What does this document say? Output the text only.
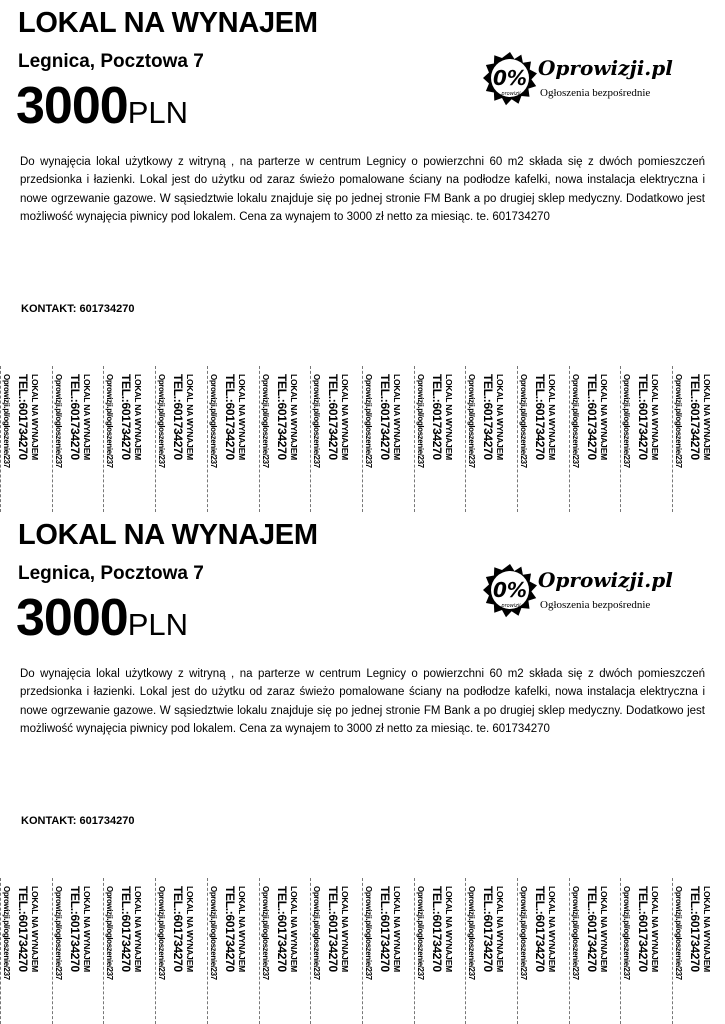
LOKAL NA WYNAJEM
Legnica, Pocztowa 7
3000PLN
0%
prowizji
Oprowizji.pl
Ogłoszenia bezpośrednie

Do wynajęcia lokal użytkowy z witryną , na parterze w centrum Legnicy o powierzchni 60 m2 składa się z dwóch pomieszczeń przedsionka i łazienki. Lokal jest do użytku od zaraz świeżo pomalowane ściany na podłodze kafelki, nowa instalacja elektryczna i nowe ogrzewanie gazowe. W sąsiedztwie lokalu znajduje się po jednej stronie FM Bank a po drugiej sklep medyczny. Dodatkowo jest możliwość wynajęcia piwnicy pod lokalem. Cena za wynajem to 3000 zł netto za miesiąc. te. 601734270

KONTAKT: 601734270
LOKAL NA WYNAJEM
TEL.:601734270
Oprowizji.pl/ogloszenie/237	LOKAL NA WYNAJEM
TEL.:601734270
Oprowizji.pl/ogloszenie/237	LOKAL NA WYNAJEM
TEL.:601734270
Oprowizji.pl/ogloszenie/237	LOKAL NA WYNAJEM
TEL.:601734270
Oprowizji.pl/ogloszenie/237	LOKAL NA WYNAJEM
TEL.:601734270
Oprowizji.pl/ogloszenie/237	LOKAL NA WYNAJEM
TEL.:601734270
Oprowizji.pl/ogloszenie/237	LOKAL NA WYNAJEM
TEL.:601734270
Oprowizji.pl/ogloszenie/237	LOKAL NA WYNAJEM
TEL.:601734270
Oprowizji.pl/ogloszenie/237	LOKAL NA WYNAJEM
TEL.:601734270
Oprowizji.pl/ogloszenie/237	LOKAL NA WYNAJEM
TEL.:601734270
Oprowizji.pl/ogloszenie/237	LOKAL NA WYNAJEM
TEL.:601734270
Oprowizji.pl/ogloszenie/237	LOKAL NA WYNAJEM
TEL.:601734270
Oprowizji.pl/ogloszenie/237	LOKAL NA WYNAJEM
TEL.:601734270
Oprowizji.pl/ogloszenie/237	LOKAL NA WYNAJEM
TEL.:601734270
Oprowizji.pl/ogloszenie/237
LOKAL NA WYNAJEM
Legnica, Pocztowa 7
3000PLN
0%
prowizji
Oprowizji.pl
Ogłoszenia bezpośrednie

Do wynajęcia lokal użytkowy z witryną , na parterze w centrum Legnicy o powierzchni 60 m2 składa się z dwóch pomieszczeń przedsionka i łazienki. Lokal jest do użytku od zaraz świeżo pomalowane ściany na podłodze kafelki, nowa instalacja elektryczna i nowe ogrzewanie gazowe. W sąsiedztwie lokalu znajduje się po jednej stronie FM Bank a po drugiej sklep medyczny. Dodatkowo jest możliwość wynajęcia piwnicy pod lokalem. Cena za wynajem to 3000 zł netto za miesiąc. te. 601734270

KONTAKT: 601734270
LOKAL NA WYNAJEM
TEL.:601734270
Oprowizji.pl/ogloszenie/237	LOKAL NA WYNAJEM
TEL.:601734270
Oprowizji.pl/ogloszenie/237	LOKAL NA WYNAJEM
TEL.:601734270
Oprowizji.pl/ogloszenie/237	LOKAL NA WYNAJEM
TEL.:601734270
Oprowizji.pl/ogloszenie/237	LOKAL NA WYNAJEM
TEL.:601734270
Oprowizji.pl/ogloszenie/237	LOKAL NA WYNAJEM
TEL.:601734270
Oprowizji.pl/ogloszenie/237	LOKAL NA WYNAJEM
TEL.:601734270
Oprowizji.pl/ogloszenie/237	LOKAL NA WYNAJEM
TEL.:601734270
Oprowizji.pl/ogloszenie/237	LOKAL NA WYNAJEM
TEL.:601734270
Oprowizji.pl/ogloszenie/237	LOKAL NA WYNAJEM
TEL.:601734270
Oprowizji.pl/ogloszenie/237	LOKAL NA WYNAJEM
TEL.:601734270
Oprowizji.pl/ogloszenie/237	LOKAL NA WYNAJEM
TEL.:601734270
Oprowizji.pl/ogloszenie/237	LOKAL NA WYNAJEM
TEL.:601734270
Oprowizji.pl/ogloszenie/237	LOKAL NA WYNAJEM
TEL.:601734270
Oprowizji.pl/ogloszenie/237
